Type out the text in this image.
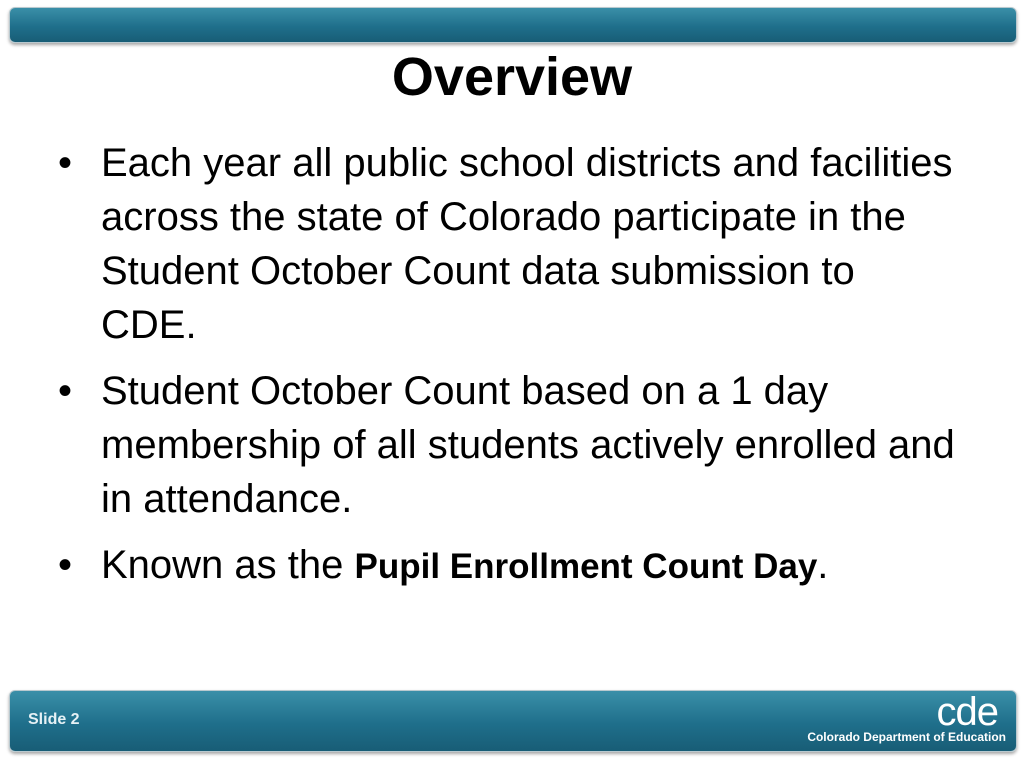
Overview
• Each year all public school districts and facilities across the state of Colorado participate in the Student October Count data submission to CDE.
• Student October Count based on a 1 day membership of all students actively enrolled and in attendance.
• Known as the Pupil Enrollment Count Day.
Slide 2	cde
Colorado Department of Education
